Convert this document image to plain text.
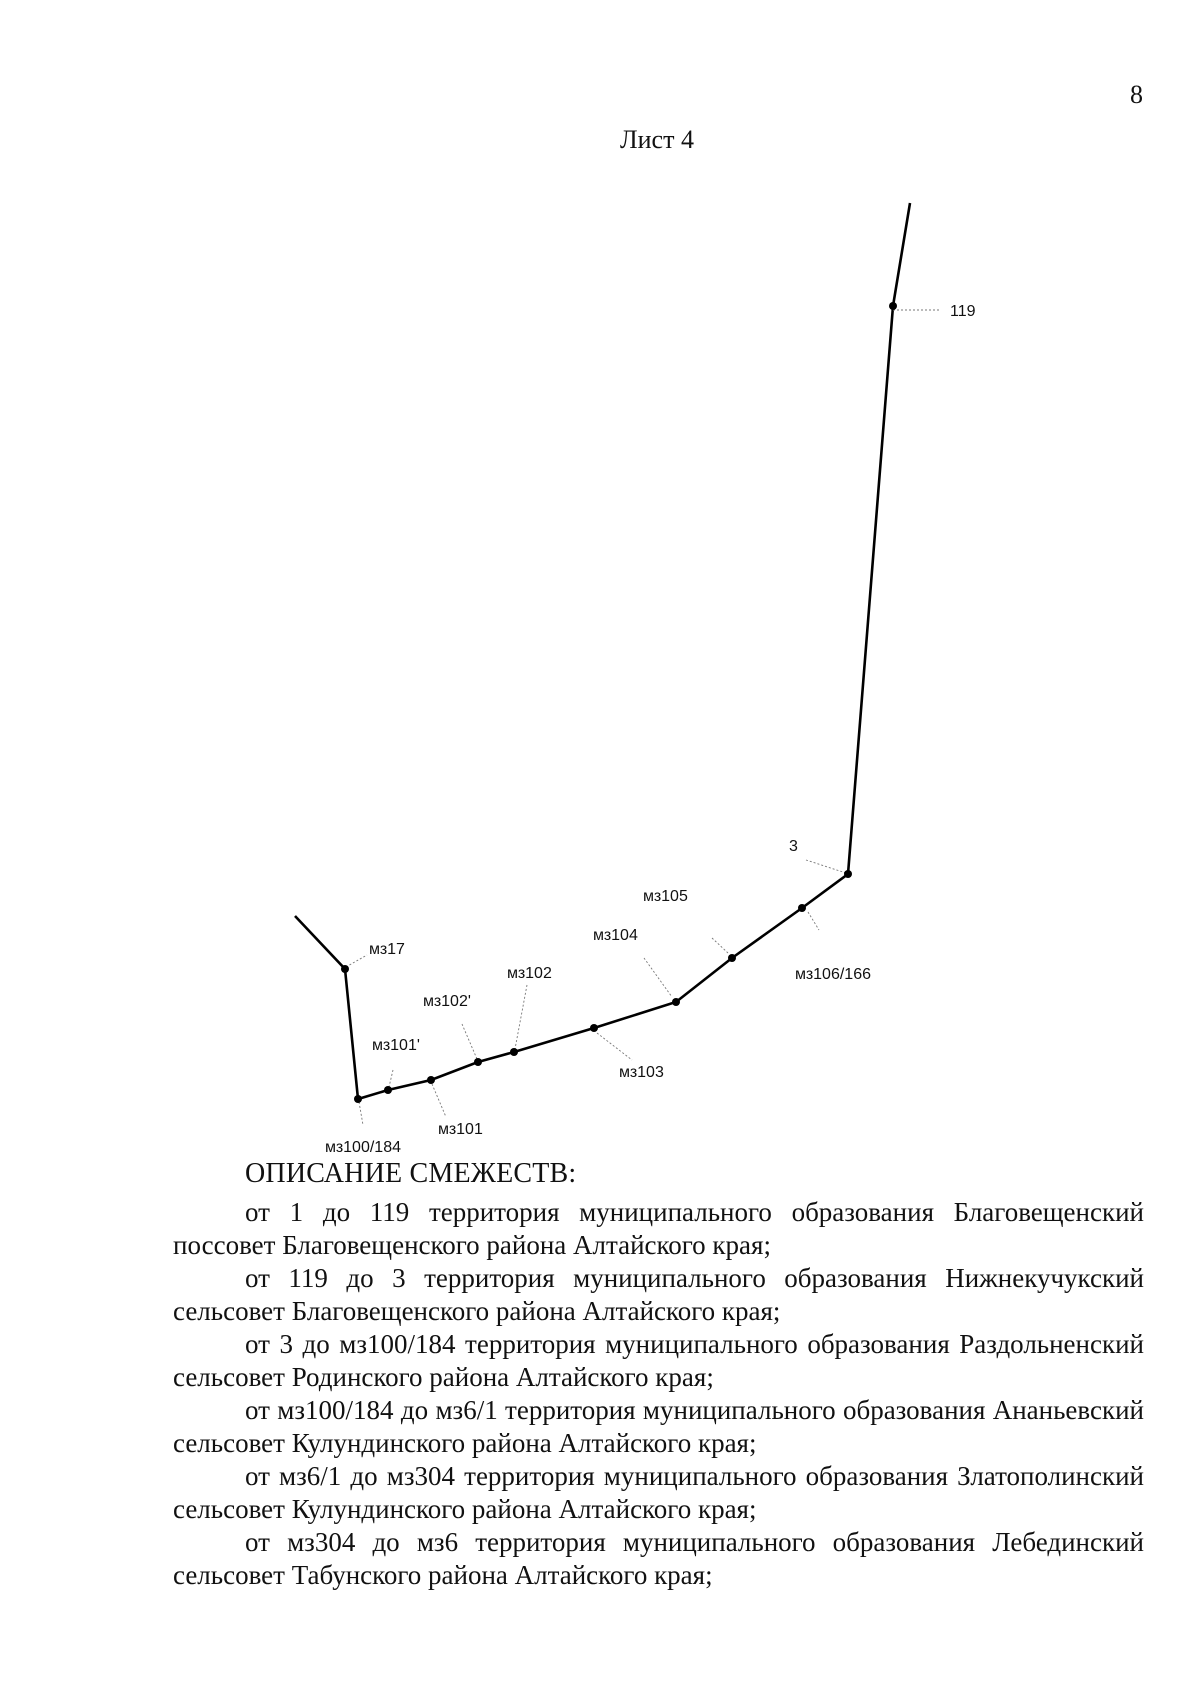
8
Лист 4
119
3
мз105
мз104
мз17
мз102	мз106/166
мз102'
мз101'
мз103
мз101
мз100/184
ОПИСАНИЕ СМЕЖЕСТВ:
от 1 до 119 территория муниципального образования Благовещенский поссовет Благовещенского района Алтайского края;
от 119 до 3 территория муниципального образования Нижнекучукский сельсовет Благовещенского района Алтайского края;
от 3 до мз100/184 территория муниципального образования Раздольненский сельсовет Родинского района Алтайского края;
от мз100/184 до мз6/1 территория муниципального образования Ананьевский сельсовет Кулундинского района Алтайского края;
от мз6/1 до мз304 территория муниципального образования Златополинский сельсовет Кулундинского района Алтайского края;
от мз304 до мз6 территория муниципального образования Лебединский сельсовет Табунского района Алтайского края;
